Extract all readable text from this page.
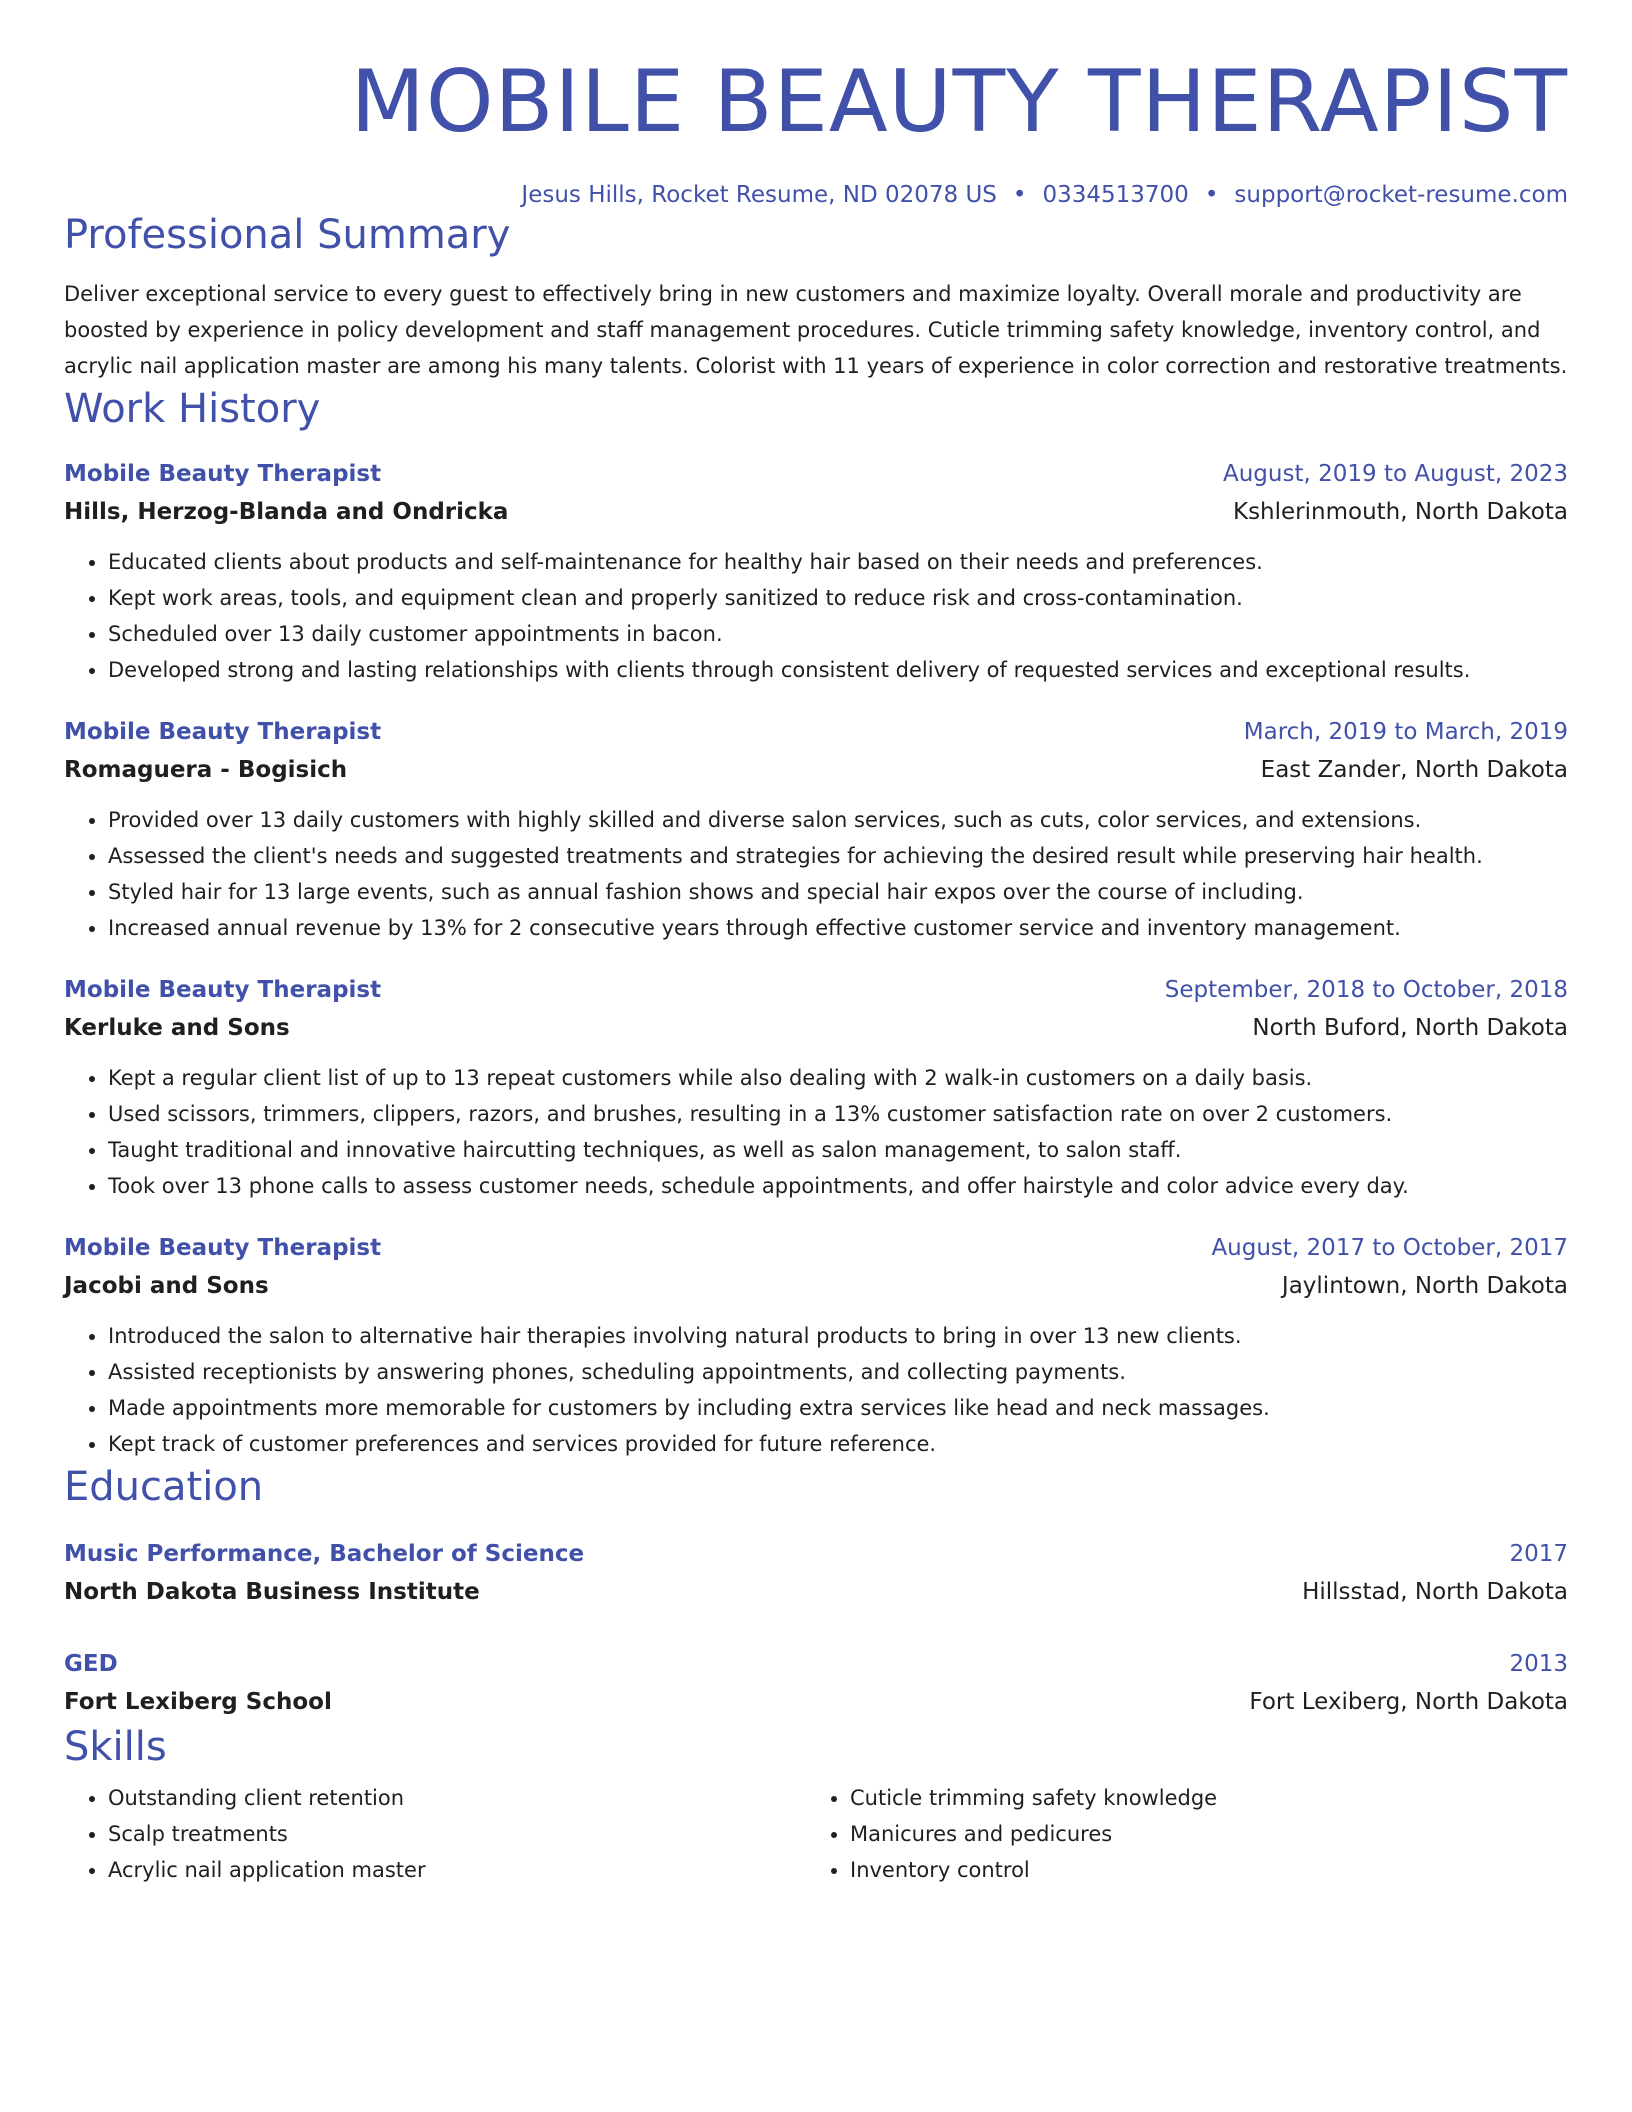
MOBILE BEAUTY THERAPIST
Jesus Hills, Rocket Resume, ND 02078 US • 0334513700 • support@rocket-resume.com
Professional Summary
Deliver exceptional service to every guest to effectively bring in new customers and maximize loyalty. Overall morale and productivity are boosted by experience in policy development and staff management procedures. Cuticle trimming safety knowledge, inventory control, and acrylic nail application master are among his many talents. Colorist with 11 years of experience in color correction and restorative treatments.
Work History
Mobile Beauty Therapist	August, 2019 to August, 2023
Hills, Herzog-Blanda and Ondricka	Kshlerinmouth, North Dakota
• Educated clients about products and self-maintenance for healthy hair based on their needs and preferences.
• Kept work areas, tools, and equipment clean and properly sanitized to reduce risk and cross-contamination.
• Scheduled over 13 daily customer appointments in bacon.
• Developed strong and lasting relationships with clients through consistent delivery of requested services and exceptional results.
Mobile Beauty Therapist	March, 2019 to March, 2019
Romaguera - Bogisich	East Zander, North Dakota
• Provided over 13 daily customers with highly skilled and diverse salon services, such as cuts, color services, and extensions.
• Assessed the client's needs and suggested treatments and strategies for achieving the desired result while preserving hair health.
• Styled hair for 13 large events, such as annual fashion shows and special hair expos over the course of including.
• Increased annual revenue by 13% for 2 consecutive years through effective customer service and inventory management.
Mobile Beauty Therapist	September, 2018 to October, 2018
Kerluke and Sons	North Buford, North Dakota
• Kept a regular client list of up to 13 repeat customers while also dealing with 2 walk-in customers on a daily basis.
• Used scissors, trimmers, clippers, razors, and brushes, resulting in a 13% customer satisfaction rate on over 2 customers.
• Taught traditional and innovative haircutting techniques, as well as salon management, to salon staff.
• Took over 13 phone calls to assess customer needs, schedule appointments, and offer hairstyle and color advice every day.
Mobile Beauty Therapist	August, 2017 to October, 2017
Jacobi and Sons	Jaylintown, North Dakota
• Introduced the salon to alternative hair therapies involving natural products to bring in over 13 new clients.
• Assisted receptionists by answering phones, scheduling appointments, and collecting payments.
• Made appointments more memorable for customers by including extra services like head and neck massages.
• Kept track of customer preferences and services provided for future reference.
Education
Music Performance, Bachelor of Science	2017
North Dakota Business Institute	Hillsstad, North Dakota
GED	2013
Fort Lexiberg School	Fort Lexiberg, North Dakota
Skills
• Outstanding client retention
• Scalp treatments
• Acrylic nail application master
• Cuticle trimming safety knowledge
• Manicures and pedicures
• Inventory control
